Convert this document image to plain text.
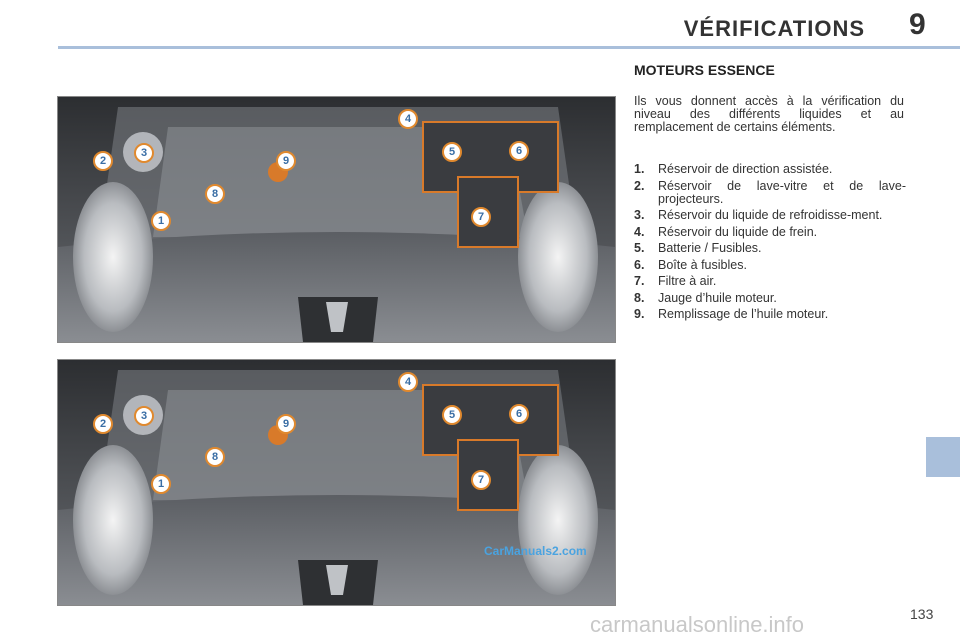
VÉRIFICATIONS 9
1
2
3
4
5	6
7
8
9
1
2
3
4
5	6
7
8
9
CarManuals2.com
MOTEURS ESSENCE
Ils vous donnent accès à la vérification du niveau des différents liquides et au remplacement de certains éléments.
1. Réservoir de direction assistée.
2. Réservoir de lave-vitre et de lave-projecteurs.
3. Réservoir du liquide de refroidisse-ment.
4. Réservoir du liquide de frein.
5. Batterie / Fusibles.
6. Boîte à fusibles.
7. Filtre à air.
8. Jauge d’huile moteur.
9. Remplissage de l’huile moteur.
133
carmanualsonline.info
